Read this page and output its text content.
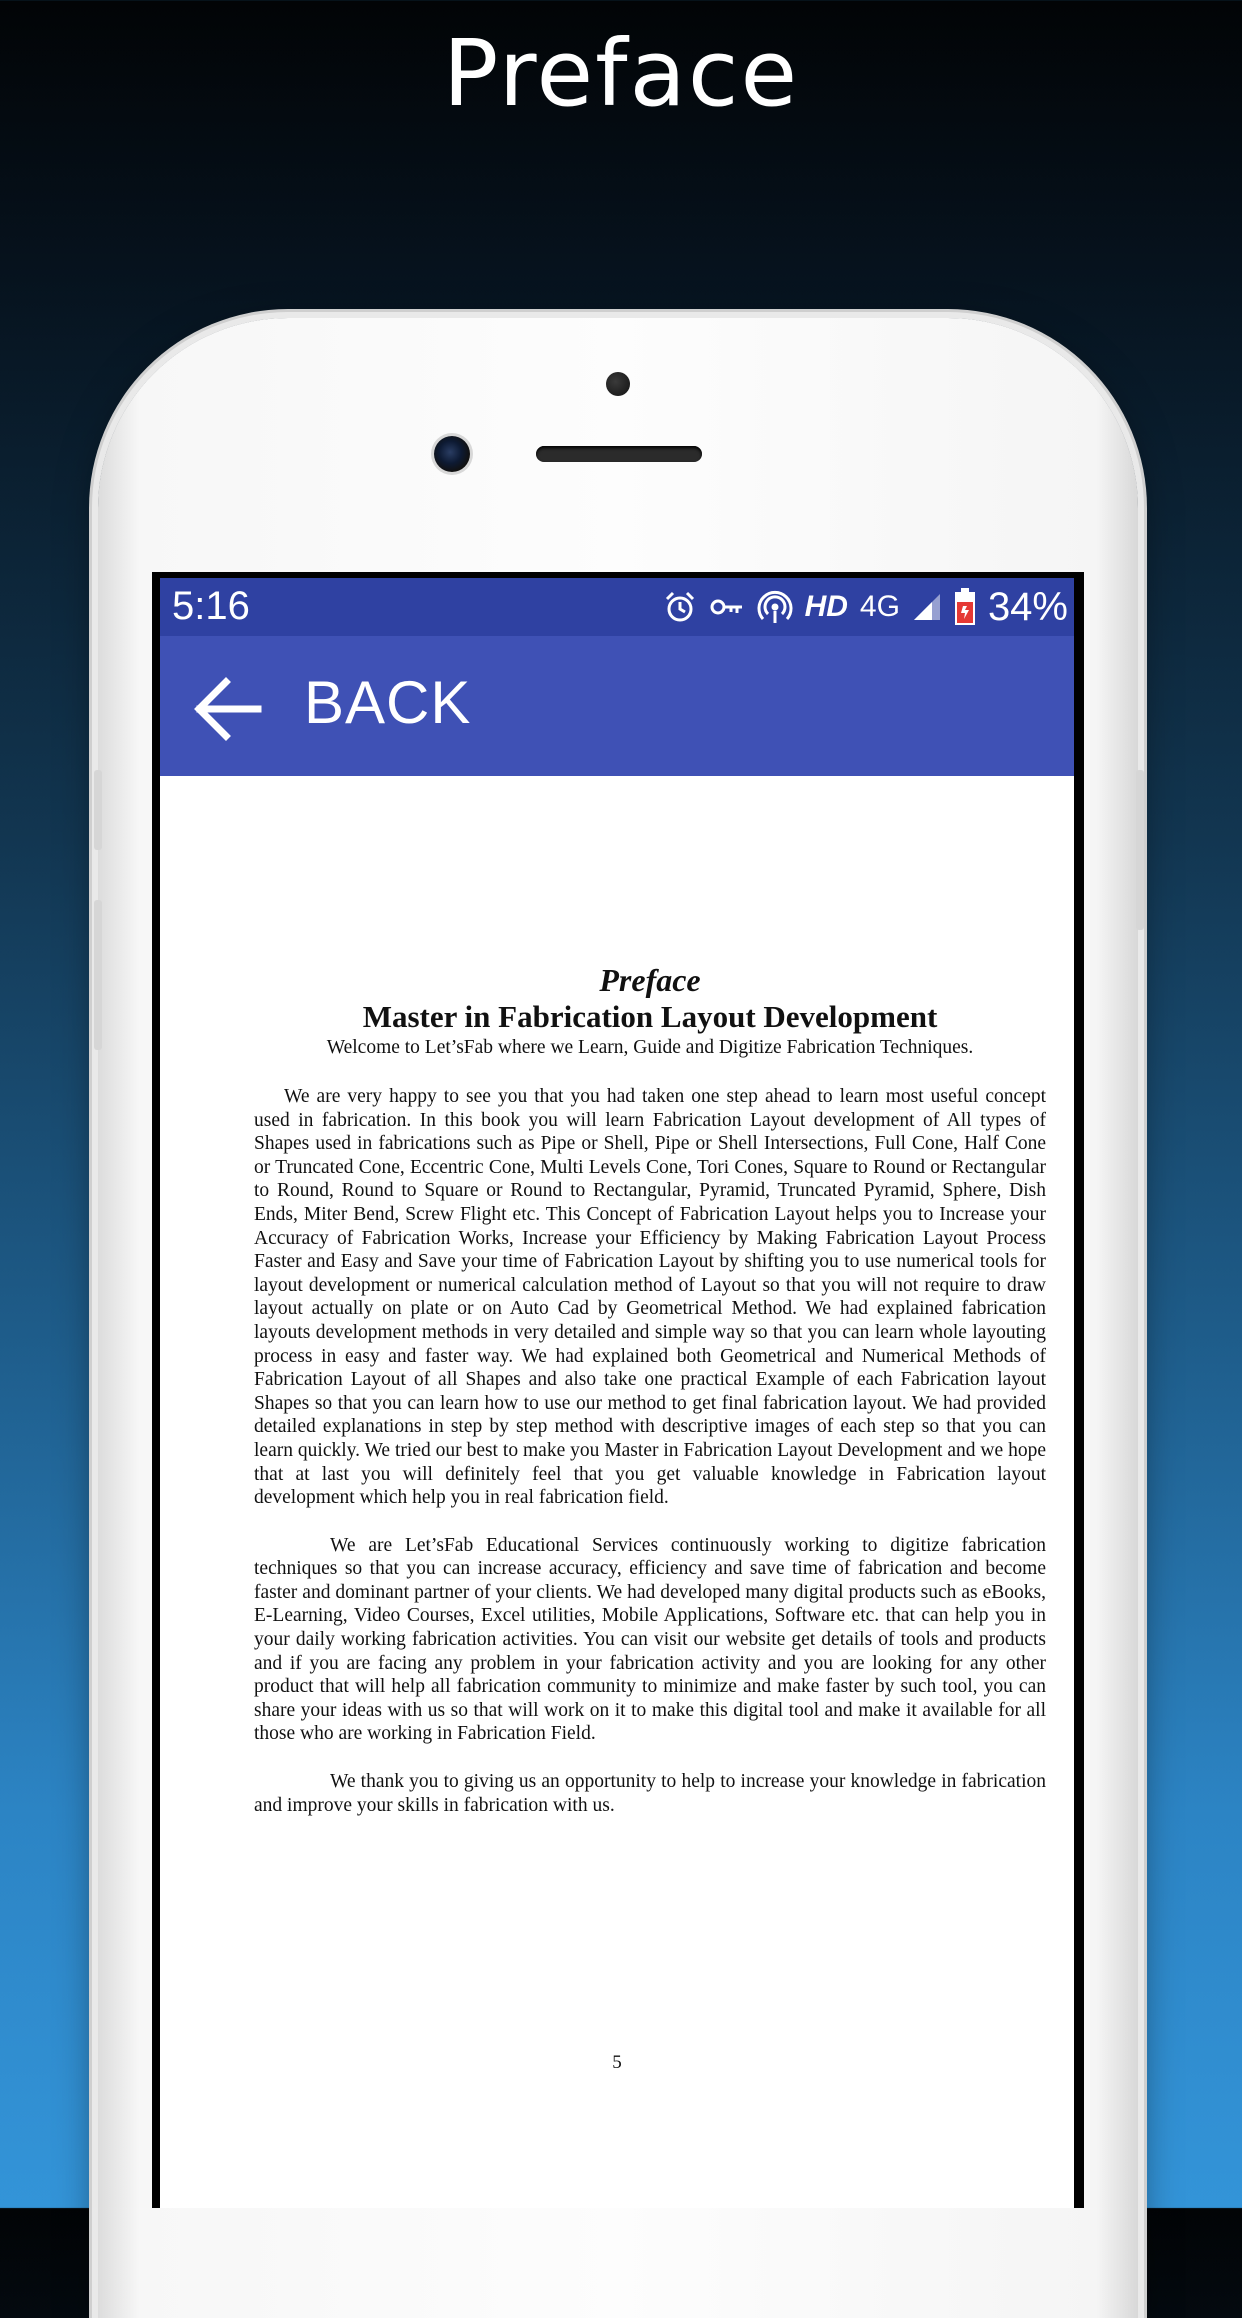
Preface
5:16	HD 4G 34%
BACK
Preface
Master in Fabrication Layout Development
Welcome to Let’sFab where we Learn, Guide and Digitize Fabrication Techniques.

We are very happy to see you that you had taken one step ahead to learn most useful concept used in fabrication. In this book you will learn Fabrication Layout development of All types of Shapes used in fabrications such as Pipe or Shell, Pipe or Shell Intersections, Full Cone, Half Cone or Truncated Cone, Eccentric Cone, Multi Levels Cone, Tori Cones, Square to Round or Rectangular to Round, Round to Square or Round to Rectangular, Pyramid, Truncated Pyramid, Sphere, Dish Ends, Miter Bend, Screw Flight etc. This Concept of Fabrication Layout helps you to Increase your Accuracy of Fabrication Works, Increase your Efficiency by Making Fabrication Layout Process Faster and Easy and Save your time of Fabrication Layout by shifting you to use numerical tools for layout development or numerical calculation method of Layout so that you will not require to draw layout actually on plate or on Auto Cad by Geometrical Method. We had explained fabrication layouts development methods in very detailed and simple way so that you can learn whole layouting process in easy and faster way. We had explained both Geometrical and Numerical Methods of Fabrication Layout of all Shapes and also take one practical Example of each Fabrication layout Shapes so that you can learn how to use our method to get final fabrication layout. We had provided detailed explanations in step by step method with descriptive images of each step so that you can learn quickly. We tried our best to make you Master in Fabrication Layout Development and we hope that at last you will definitely feel that you get valuable knowledge in Fabrication layout development which help you in real fabrication field.

We are Let’sFab Educational Services continuously working to digitize fabrication techniques so that you can increase accuracy, efficiency and save time of fabrication and become faster and dominant partner of your clients. We had developed many digital products such as eBooks, E-Learning, Video Courses, Excel utilities, Mobile Applications, Software etc. that can help you in your daily working fabrication activities. You can visit our website get details of tools and products and if you are facing any problem in your fabrication activity and you are looking for any other product that will help all fabrication community to minimize and make faster by such tool, you can share your ideas with us so that will work on it to make this digital tool and make it available for all those who are working in Fabrication Field.

We thank you to giving us an opportunity to help to increase your knowledge in fabrication and improve your skills in fabrication with us.

5
